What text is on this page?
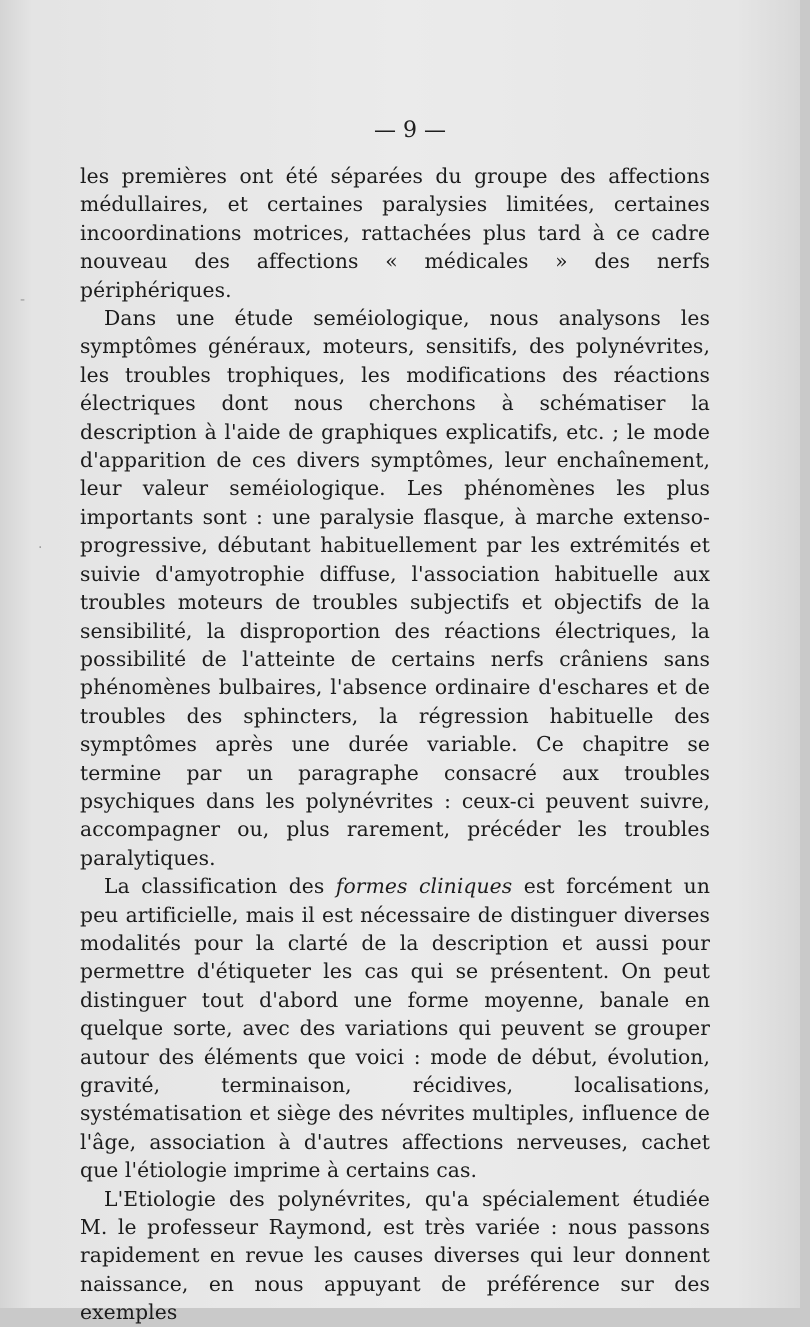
— 9 —
-
·

les premières ont été séparées du groupe des affections médullaires, et certaines paralysies limitées, certaines incoordinations motrices, rattachées plus tard à ce cadre nouveau des affections « médicales » des nerfs périphériques.

Dans une étude seméiologique, nous analysons les symptômes généraux, moteurs, sensitifs, des polynévrites, les troubles trophiques, les modifications des réactions électriques dont nous cherchons à schématiser la description à l'aide de graphiques explicatifs, etc. ; le mode d'apparition de ces divers symptômes, leur enchaînement, leur valeur seméiologique. Les phénomènes les plus importants sont : une paralysie flasque, à marche extenso-progressive, débutant habituellement par les extrémités et suivie d'amyotrophie diffuse, l'association habituelle aux troubles moteurs de troubles subjectifs et objectifs de la sensibilité, la disproportion des réactions électriques, la possibilité de l'atteinte de certains nerfs crâniens sans phénomènes bulbaires, l'absence ordinaire d'eschares et de troubles des sphincters, la régression habituelle des symptômes après une durée variable. Ce chapitre se termine par un paragraphe consacré aux troubles psychiques dans les polynévrites : ceux-ci peuvent suivre, accompagner ou, plus rarement, précéder les troubles paralytiques.

La classification des formes cliniques est forcément un peu artificielle, mais il est nécessaire de distinguer diverses modalités pour la clarté de la description et aussi pour permettre d'étiqueter les cas qui se présentent. On peut distinguer tout d'abord une forme moyenne, banale en quelque sorte, avec des variations qui peuvent se grouper autour des éléments que voici : mode de début, évolution, gravité, terminaison, récidives, localisations, systématisation et siège des névrites multiples, influence de l'âge, association à d'autres affections nerveuses, cachet que l'étiologie imprime à certains cas.

L'Etiologie des polynévrites, qu'a spécialement étudiée M. le professeur Raymond, est très variée : nous passons rapidement en revue les causes diverses qui leur donnent naissance, en nous appuyant de préférence sur des exemples
